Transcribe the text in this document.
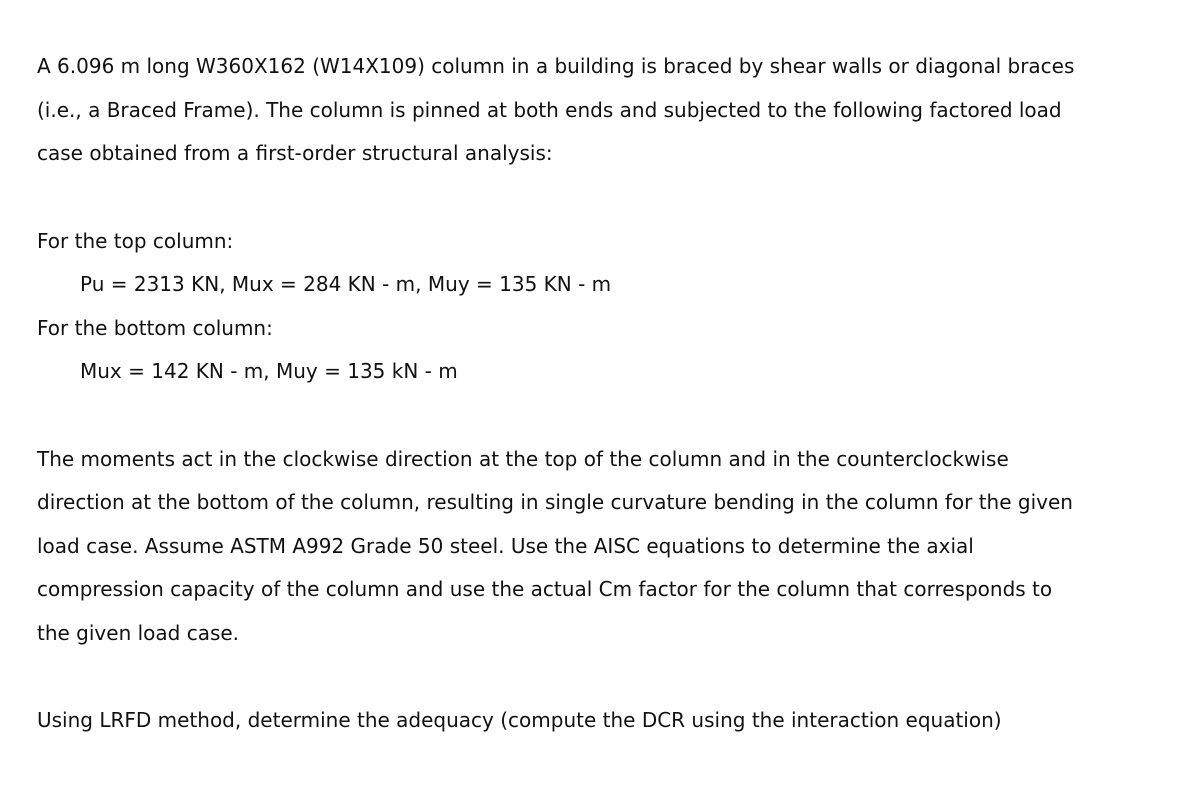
A 6.096 m long W360X162 (W14X109) column in a building is braced by shear walls or diagonal braces
(i.e., a Braced Frame). The column is pinned at both ends and subjected to the following factored load
case obtained from a first-order structural analysis:
For the top column:
Pu = 2313 KN, Mux = 284 KN - m, Muy = 135 KN - m
For the bottom column:
Mux = 142 KN - m, Muy = 135 kN - m
The moments act in the clockwise direction at the top of the column and in the counterclockwise
direction at the bottom of the column, resulting in single curvature bending in the column for the given
load case. Assume ASTM A992 Grade 50 steel. Use the AISC equations to determine the axial
compression capacity of the column and use the actual Cm factor for the column that corresponds to
the given load case.
Using LRFD method, determine the adequacy (compute the DCR using the interaction equation)
